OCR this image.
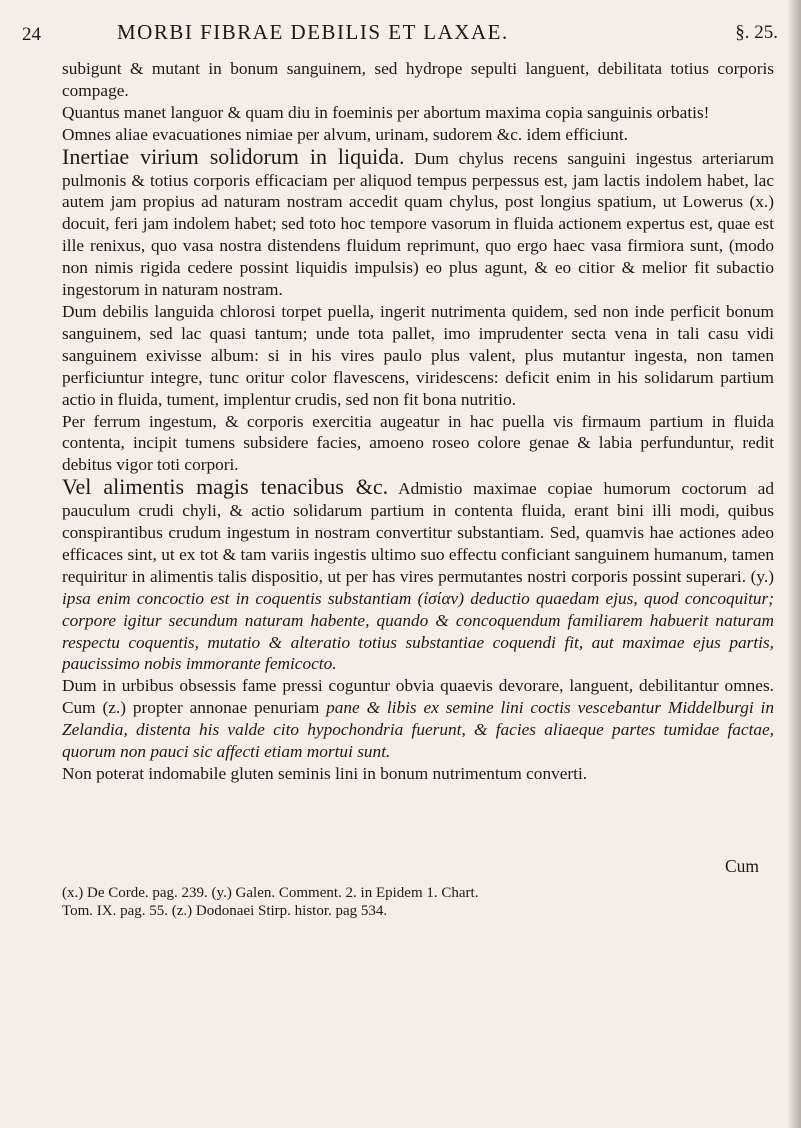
24	MORBI FIBRAE DEBILIS ET LAXAE.	§. 25.

subigunt & mutant in bonum sanguinem, sed hydrope sepulti languent, debilitata totius corporis compage.

Quantus manet languor & quam diu in foeminis per abortum maxima copia sanguinis orbatis!

Omnes aliae evacuationes nimiae per alvum, urinam, sudorem &c. idem efficiunt.

Inertiae virium solidorum in liquida. Dum chylus recens sanguini ingestus arteriarum pulmonis & totius corporis efficaciam per aliquod tempus perpessus est, jam lactis indolem habet, lac autem jam propius ad naturam nostram accedit quam chylus, post longius spatium, ut Lowerus (x.) docuit, feri jam indolem habet; sed toto hoc tempore vasorum in fluida actionem expertus est, quae est ille renixus, quo vasa nostra distendens fluidum reprimunt, quo ergo haec vasa firmiora sunt, (modo non nimis rigida cedere possint liquidis impulsis) eo plus agunt, & eo citior & melior fit subactio ingestorum in naturam nostram.

Dum debilis languida chlorosi torpet puella, ingerit nutrimenta quidem, sed non inde perficit bonum sanguinem, sed lac quasi tantum; unde tota pallet, imo imprudenter secta vena in tali casu vidi sanguinem exivisse album: si in his vires paulo plus valent, plus mutantur ingesta, non tamen perficiuntur integre, tunc oritur color flavescens, viridescens: deficit enim in his solidarum partium actio in fluida, tument, implentur crudis, sed non fit bona nutritio.

Per ferrum ingestum, & corporis exercitia augeatur in hac puella vis firmaum partium in fluida contenta, incipit tumens subsidere facies, amoeno roseo colore genae & labia perfunduntur, redit debitus vigor toti corpori.

Vel alimentis magis tenacibus &c. Admistio maximae copiae humorum coctorum ad pauculum crudi chyli, & actio solidarum partium in contenta fluida, erant bini illi modi, quibus conspirantibus crudum ingestum in nostram convertitur substantiam. Sed, quamvis hae actiones adeo efficaces sint, ut ex tot & tam variis ingestis ultimo suo effectu conficiant sanguinem humanum, tamen requiritur in alimentis talis dispositio, ut per has vires permutantes nostri corporis possint superari. (y.) ipsa enim concoctio est in coquentis substantiam (ἰσίαν) deductio quaedam ejus, quod concoquitur; corpore igitur secundum naturam habente, quando & concoquendum familiarem habuerit naturam respectu coquentis, mutatio & alteratio totius substantiae coquendi fit, aut maximae ejus partis, paucissimo nobis immorante femicocto.

Dum in urbibus obsessis fame pressi coguntur obvia quaevis devorare, languent, debilitantur omnes. Cum (z.) propter annonae penuriam pane & libis ex semine lini coctis vescebantur Middelburgi in Zelandia, distenta his valde cito hypochondria fuerunt, & facies aliaeque partes tumidae factae, quorum non pauci sic affecti etiam mortui sunt.

Non poterat indomabile gluten seminis lini in bonum nutrimentum converti.

Cum
(x.) De Corde. pag. 239. (y.) Galen. Comment. 2. in Epidem 1. Chart.
Tom. IX. pag. 55. (z.) Dodonaei Stirp. histor. pag 534.
